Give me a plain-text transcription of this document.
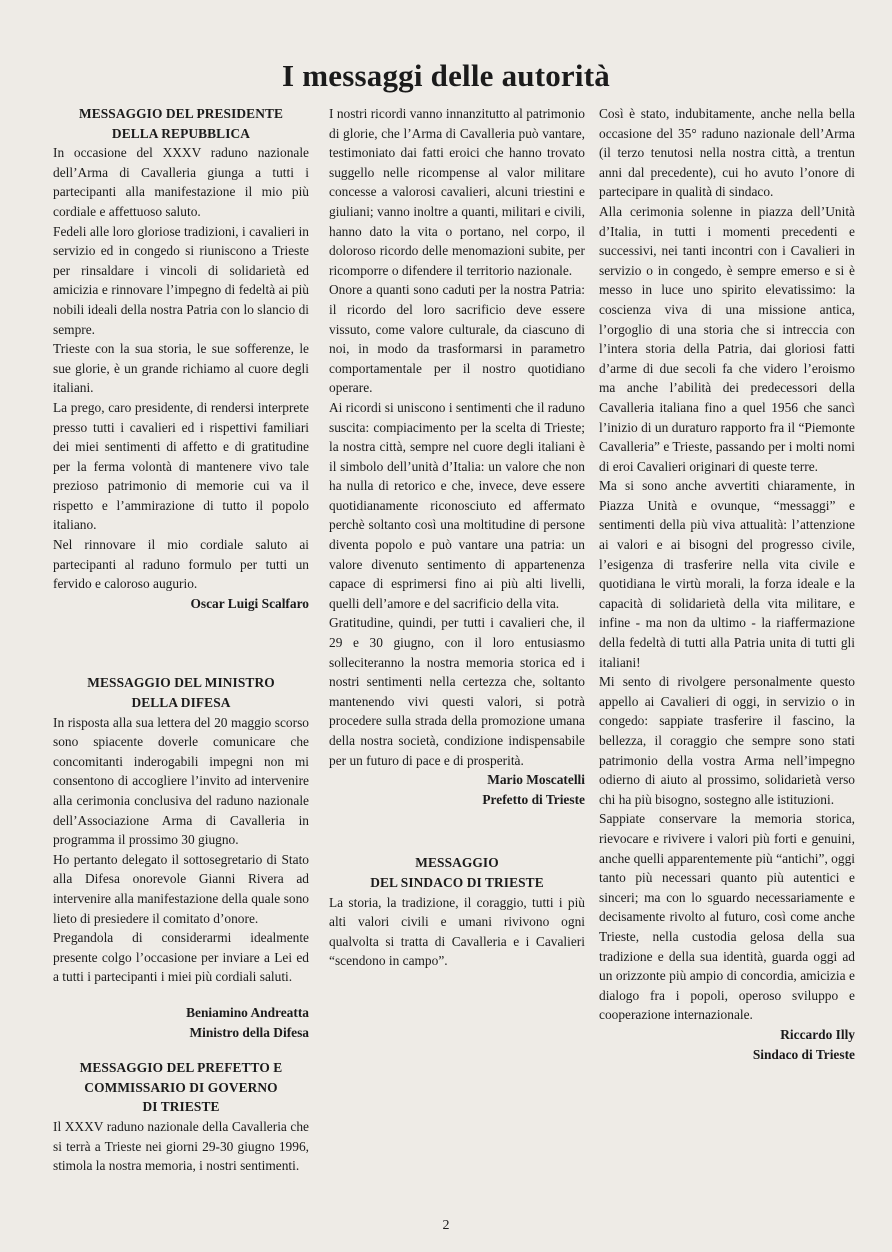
I messaggi delle autorità
MESSAGGIO DEL PRESIDENTE
DELLA REPUBBLICA

In occasione del XXXV raduno nazionale dell’Arma di Cavalleria giunga a tutti i partecipanti alla manifestazione il mio più cordiale e affettuoso saluto.

Fedeli alle loro gloriose tradizioni, i cavalieri in servizio ed in congedo si riuniscono a Trieste per rinsaldare i vincoli di solidarietà ed amicizia e rinnovare l’impegno di fedeltà ai più nobili ideali della nostra Patria con lo slancio di sempre.

Trieste con la sua storia, le sue sofferenze, le sue glorie, è un grande richiamo al cuore degli italiani.

La prego, caro presidente, di rendersi interprete presso tutti i cavalieri ed i rispettivi familiari dei miei sentimenti di affetto e di gratitudine per la ferma volontà di mantenere vivo tale prezioso patrimonio di memorie cui va il rispetto e l’ammirazione di tutto il popolo italiano.

Nel rinnovare il mio cordiale saluto ai partecipanti al raduno formulo per tutti un fervido e caloroso augurio.

Oscar Luigi Scalfaro
MESSAGGIO DEL MINISTRO
DELLA DIFESA

In risposta alla sua lettera del 20 maggio scorso sono spiacente doverle comunicare che concomitanti inderogabili impegni non mi consentono di accogliere l’invito ad intervenire alla cerimonia conclusiva del raduno nazionale dell’Associazione Arma di Cavalleria in programma il prossimo 30 giugno.

Ho pertanto delegato il sottosegretario di Stato alla Difesa onorevole Gianni Rivera ad intervenire alla manifestazione della quale sono lieto di presiedere il comitato d’onore.

Pregandola di considerarmi idealmente presente colgo l’occasione per inviare a Lei ed a tutti i partecipanti i miei più cordiali saluti.

Beniamino Andreatta
Ministro della Difesa
MESSAGGIO DEL PREFETTO E
COMMISSARIO DI GOVERNO
DI TRIESTE

Il XXXV raduno nazionale della Cavalleria che si terrà a Trieste nei giorni 29-30 giugno 1996, stimola la nostra memoria, i nostri sentimenti.

I nostri ricordi vanno innanzitutto al patrimonio di glorie, che l’Arma di Cavalleria può vantare, testimoniato dai fatti eroici che hanno trovato suggello nelle ricompense al valor militare concesse a valorosi cavalieri, alcuni triestini e giuliani; vanno inoltre a quanti, militari e civili, hanno dato la vita o portano, nel corpo, il doloroso ricordo delle menomazioni subite, per ricomporre o difendere il territorio nazionale.

Onore a quanti sono caduti per la nostra Patria: il ricordo del loro sacrificio deve essere vissuto, come valore culturale, da ciascuno di noi, in modo da trasformarsi in parametro comportamentale per il nostro quotidiano operare.

Ai ricordi si uniscono i sentimenti che il raduno suscita: compiacimento per la scelta di Trieste; la nostra città, sempre nel cuore degli italiani è il simbolo dell’unità d’Italia: un valore che non ha nulla di retorico e che, invece, deve essere quotidianamente riconosciuto ed affermato perchè soltanto così una moltitudine di persone diventa popolo e può vantare una patria: un valore divenuto sentimento di appartenenza capace di esprimersi fino ai più alti livelli, quelli dell’amore e del sacrificio della vita.

Gratitudine, quindi, per tutti i cavalieri che, il 29 e 30 giugno, con il loro entusiasmo solleciteranno la nostra memoria storica ed i nostri sentimenti nella certezza che, soltanto mantenendo vivi questi valori, si potrà procedere sulla strada della promozione umana della nostra società, condizione indispensabile per un futuro di pace e di prosperità.

Mario Moscatelli
Prefetto di Trieste
MESSAGGIO
DEL SINDACO DI TRIESTE

La storia, la tradizione, il coraggio, tutti i più alti valori civili e umani rivivono ogni qualvolta si tratta di Cavalleria e i Cavalieri “scendono in campo”.

Così è stato, indubitamente, anche nella bella occasione del 35° raduno nazionale dell’Arma (il terzo tenutosi nella nostra città, a trentun anni dal precedente), cui ho avuto l’onore di parteciparе in qualità di sindaco.

Alla cerimonia solenne in piazza dell’Unità d’Italia, in tutti i momenti precedenti e successivi, nei tanti incontri con i Cavalieri in servizio o in congedo, è sempre emerso e si è messo in luce uno spirito elevatissimo: la coscienza viva di una missione antica, l’orgoglio di una storia che si intreccia con l’intera storia della Patria, dai gloriosi fatti d’arme di due secoli fa che videro l’eroismo ma anche l’abilità dei predecessori della Cavalleria italiana fino a quel 1956 che sancì l’inizio di un duraturo rapporto fra il “Piemonte Cavalleria” e Trieste, passando per i molti nomi di eroi Cavalieri originari di queste terre.

Ma si sono anche avvertiti chiaramente, in Piazza Unità e ovunque, “messaggi” e sentimenti della più viva attualità: l’attenzione ai valori e ai bisogni del progresso civile, l’esigenza di trasferire nella vita civile e quotidiana le virtù morali, la forza ideale e la capacità di solidarietà della vita militare, e infine - ma non da ultimo - la riaffermazione della fedeltà di tutti alla Patria unita di tutti gli italiani!

Mi sento di rivolgere personalmente questo appello ai Cavalieri di oggi, in servizio o in congedo: sappiate trasferire il fascino, la bellezza, il coraggio che sempre sono stati patrimonio della vostra Arma nell’impegno odierno di aiuto al prossimo, solidarietà verso chi ha più bisogno, sostegno alle istituzioni.

Sappiate conservare la memoria storica, rievocare e rivivere i valori più forti e genuini, anche quelli apparentemente più “antichi”, oggi tanto più necessari quanto più autentici e sinceri; ma con lo sguardo necessariamente e decisamente rivolto al futuro, così come anche Trieste, nella custodia gelosa della sua tradizione e della sua identità, guarda oggi ad un orizzonte più ampio di concordia, amicizia e dialogo fra i popoli, operoso sviluppo e cooperazione internazionale.

Riccardo Illy
Sindaco di Trieste
2
